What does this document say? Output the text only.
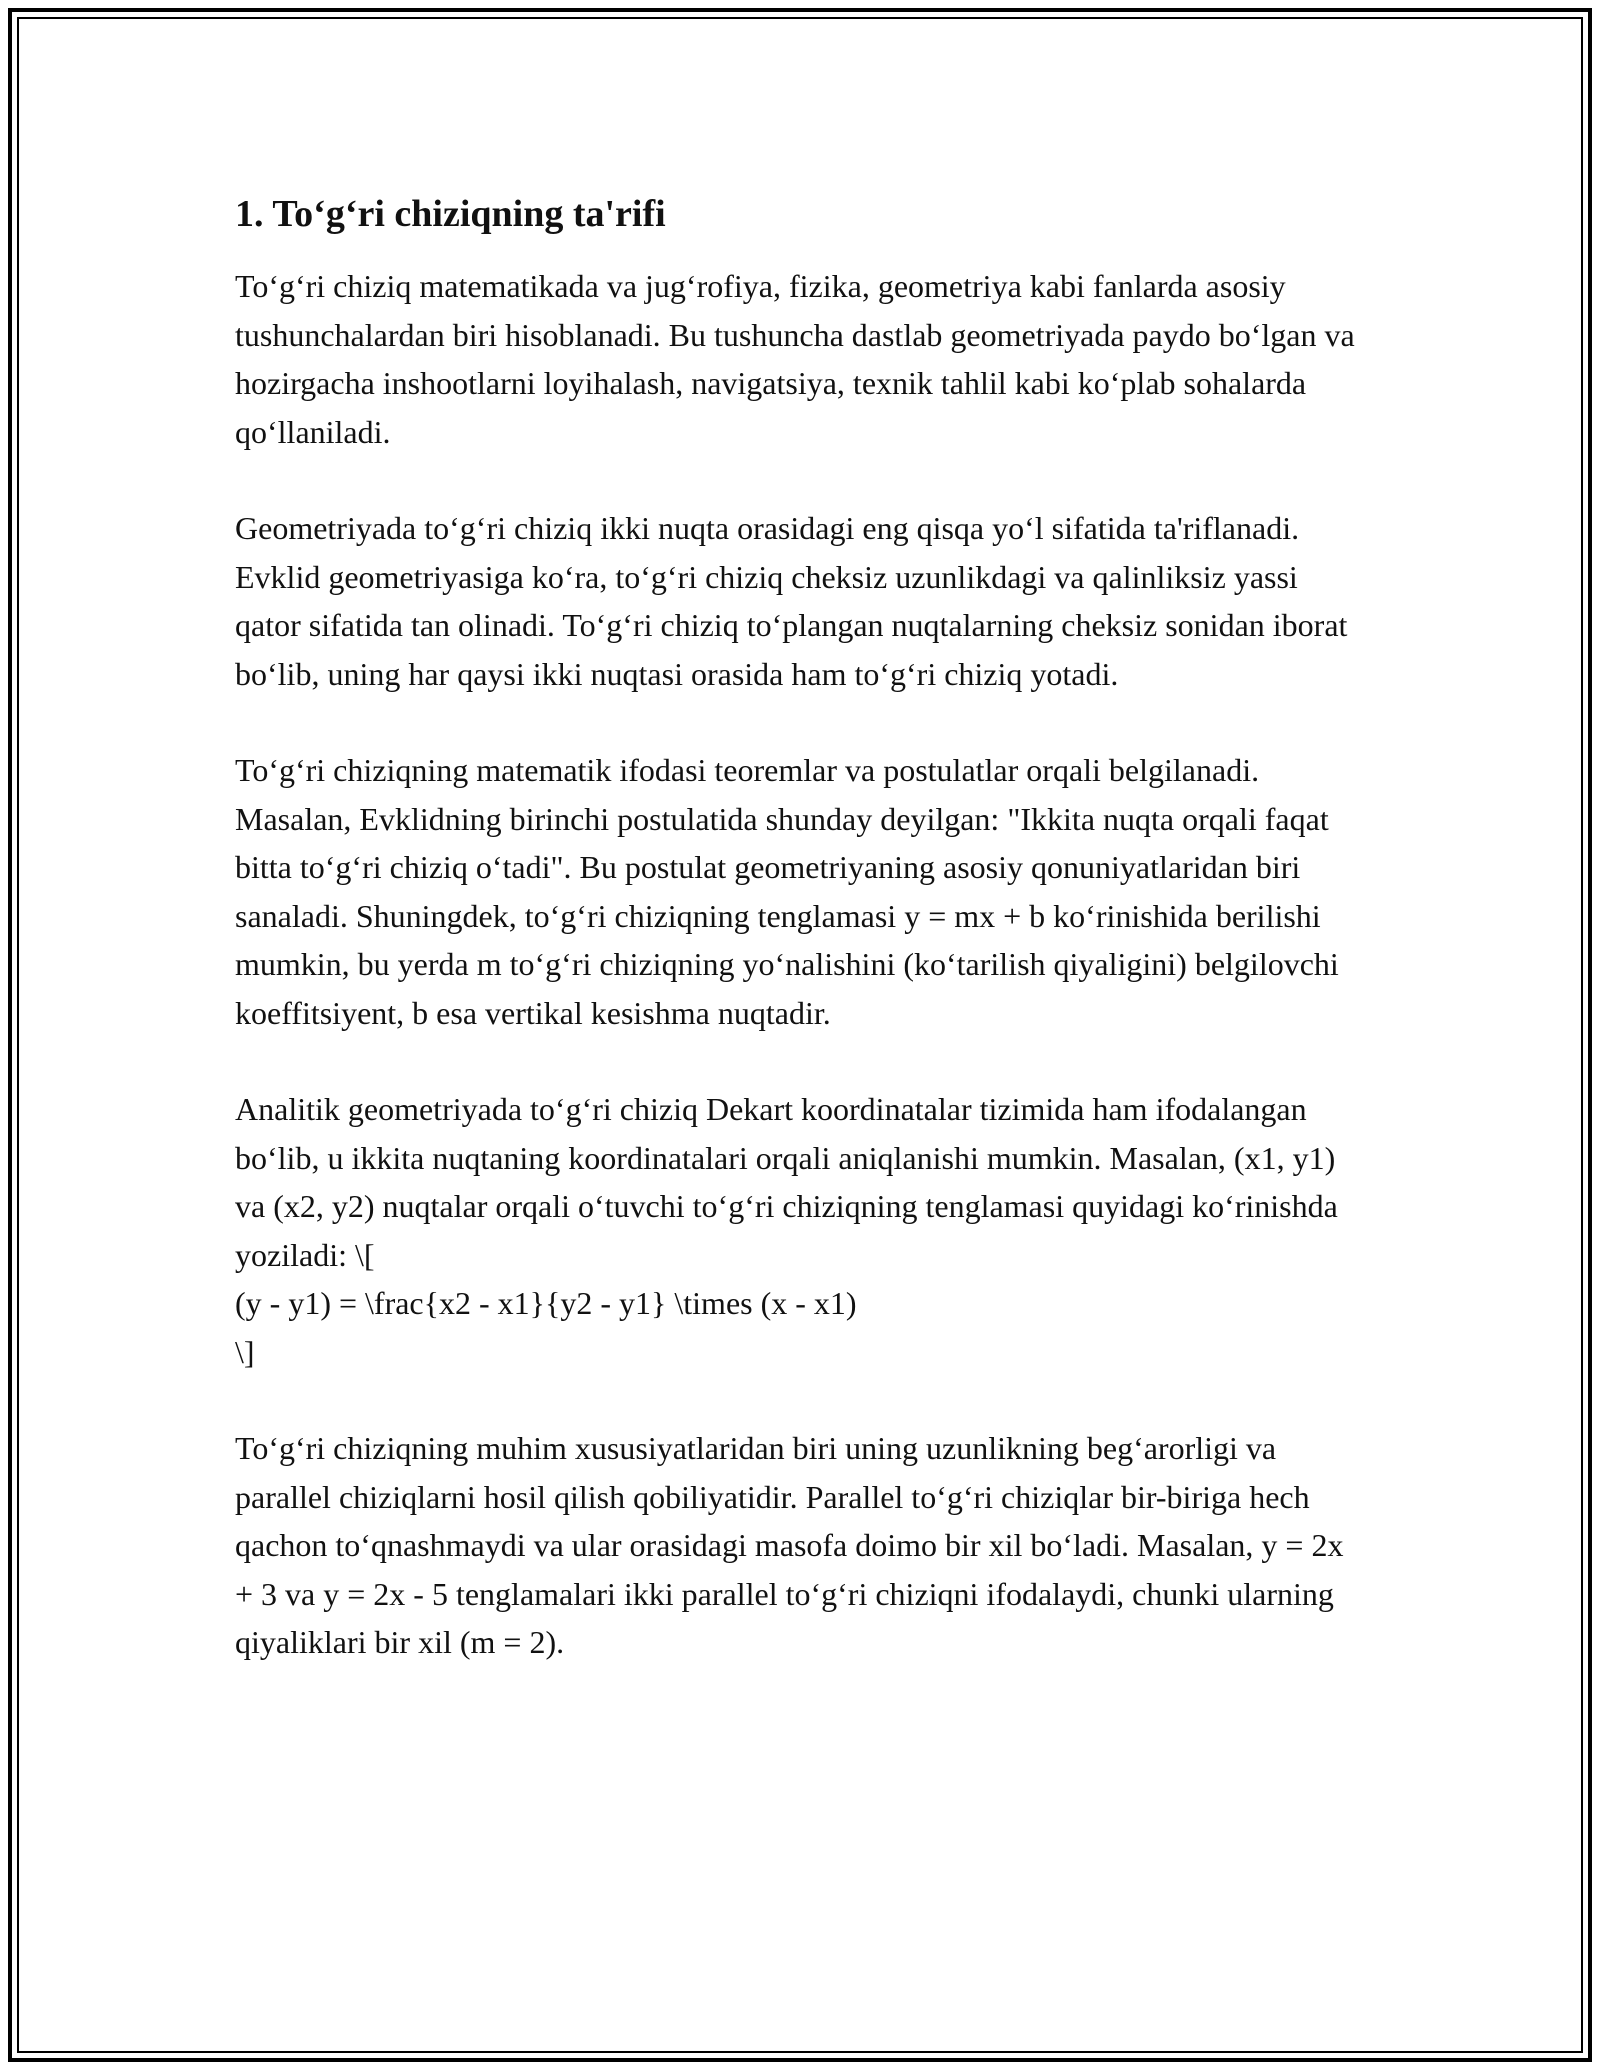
1. To‘g‘ri chiziqning ta'rifi

To‘g‘ri chiziq matematikada va jug‘rofiya, fizika, geometriya kabi fanlarda asosiy tushunchalardan biri hisoblanadi. Bu tushuncha dastlab geometriyada paydo bo‘lgan va hozirgacha inshootlarni loyihalash, navigatsiya, texnik tahlil kabi ko‘plab sohalarda qo‘llaniladi.

Geometriyada to‘g‘ri chiziq ikki nuqta orasidagi eng qisqa yo‘l sifatida ta'riflanadi. Evklid geometriyasiga ko‘ra, to‘g‘ri chiziq cheksiz uzunlikdagi va qalinliksiz yassi qator sifatida tan olinadi. To‘g‘ri chiziq to‘plangan nuqtalarning cheksiz sonidan iborat bo‘lib, uning har qaysi ikki nuqtasi orasida ham to‘g‘ri chiziq yotadi.

To‘g‘ri chiziqning matematik ifodasi teoremlar va postulatlar orqali belgilanadi. Masalan, Evklidning birinchi postulatida shunday deyilgan: "Ikkita nuqta orqali faqat bitta to‘g‘ri chiziq o‘tadi". Bu postulat geometriyaning asosiy qonuniyatlaridan biri sanaladi. Shuningdek, to‘g‘ri chiziqning tenglamasi y = mx + b ko‘rinishida berilishi mumkin, bu yerda m to‘g‘ri chiziqning yo‘nalishini (ko‘tarilish qiyaligini) belgilovchi koeffitsiyent, b esa vertikal kesishma nuqtadir.

Analitik geometriyada to‘g‘ri chiziq Dekart koordinatalar tizimida ham ifodalangan bo‘lib, u ikkita nuqtaning koordinatalari orqali aniqlanishi mumkin. Masalan, (x1, y1) va (x2, y2) nuqtalar orqali o‘tuvchi to‘g‘ri chiziqning tenglamasi quyidagi ko‘rinishda yoziladi: \[
(y - y1) = \frac{x2 - x1}{y2 - y1} \times (x - x1)
\]

To‘g‘ri chiziqning muhim xususiyatlaridan biri uning uzunlikning beg‘arorligi va parallel chiziqlarni hosil qilish qobiliyatidir. Parallel to‘g‘ri chiziqlar bir-biriga hech qachon to‘qnashmaydi va ular orasidagi masofa doimo bir xil bo‘ladi. Masalan, y = 2x + 3 va y = 2x - 5 tenglamalari ikki parallel to‘g‘ri chiziqni ifodalaydi, chunki ularning qiyaliklari bir xil (m = 2).
